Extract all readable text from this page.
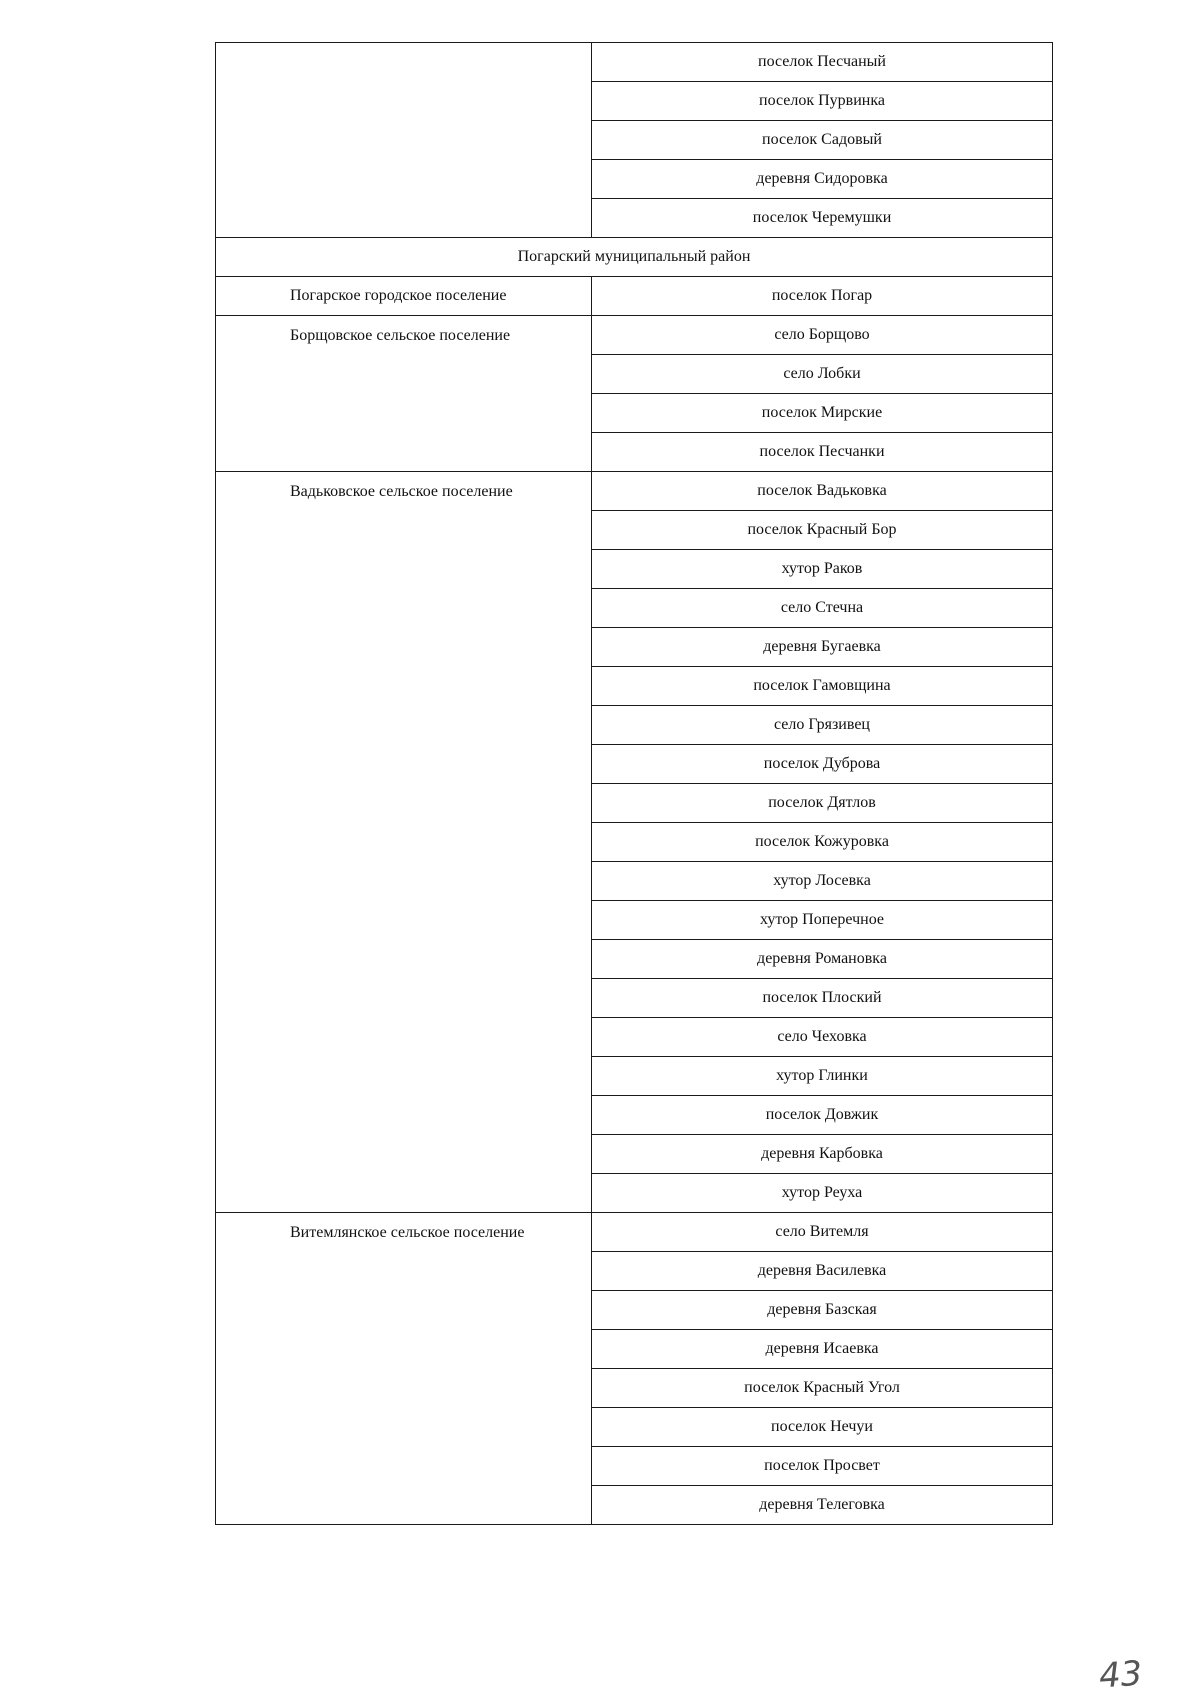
	поселок Песчаный
	поселок Пурвинка
	поселок Садовый
	деревня Сидоровка
	поселок Черемушки
Погарский муниципальный район	
Погарское городское поселение	поселок Погар
Борщовское сельское поселение	село Борщово
	село Лобки
	поселок Мирские
	поселок Песчанки
Вадьковское сельское поселение	поселок Вадьковка
	поселок Красный Бор
	хутор Раков
	село Стечна
	деревня Бугаевка
	поселок Гамовщина
	село Грязивец
	поселок Дуброва
	поселок Дятлов
	поселок Кожуровка
	хутор Лосевка
	хутор Поперечное
	деревня Романовка
	поселок Плоский
	село Чеховка
	хутор Глинки
	поселок Довжик
	деревня Карбовка
	хутор Реуха
Витемлянское сельское поселение	село Витемля
	деревня Василевка
	деревня Базская
	деревня Исаевка
	поселок Красный Угол
	поселок Нечуи
	поселок Просвет
	деревня Телеговка
43
